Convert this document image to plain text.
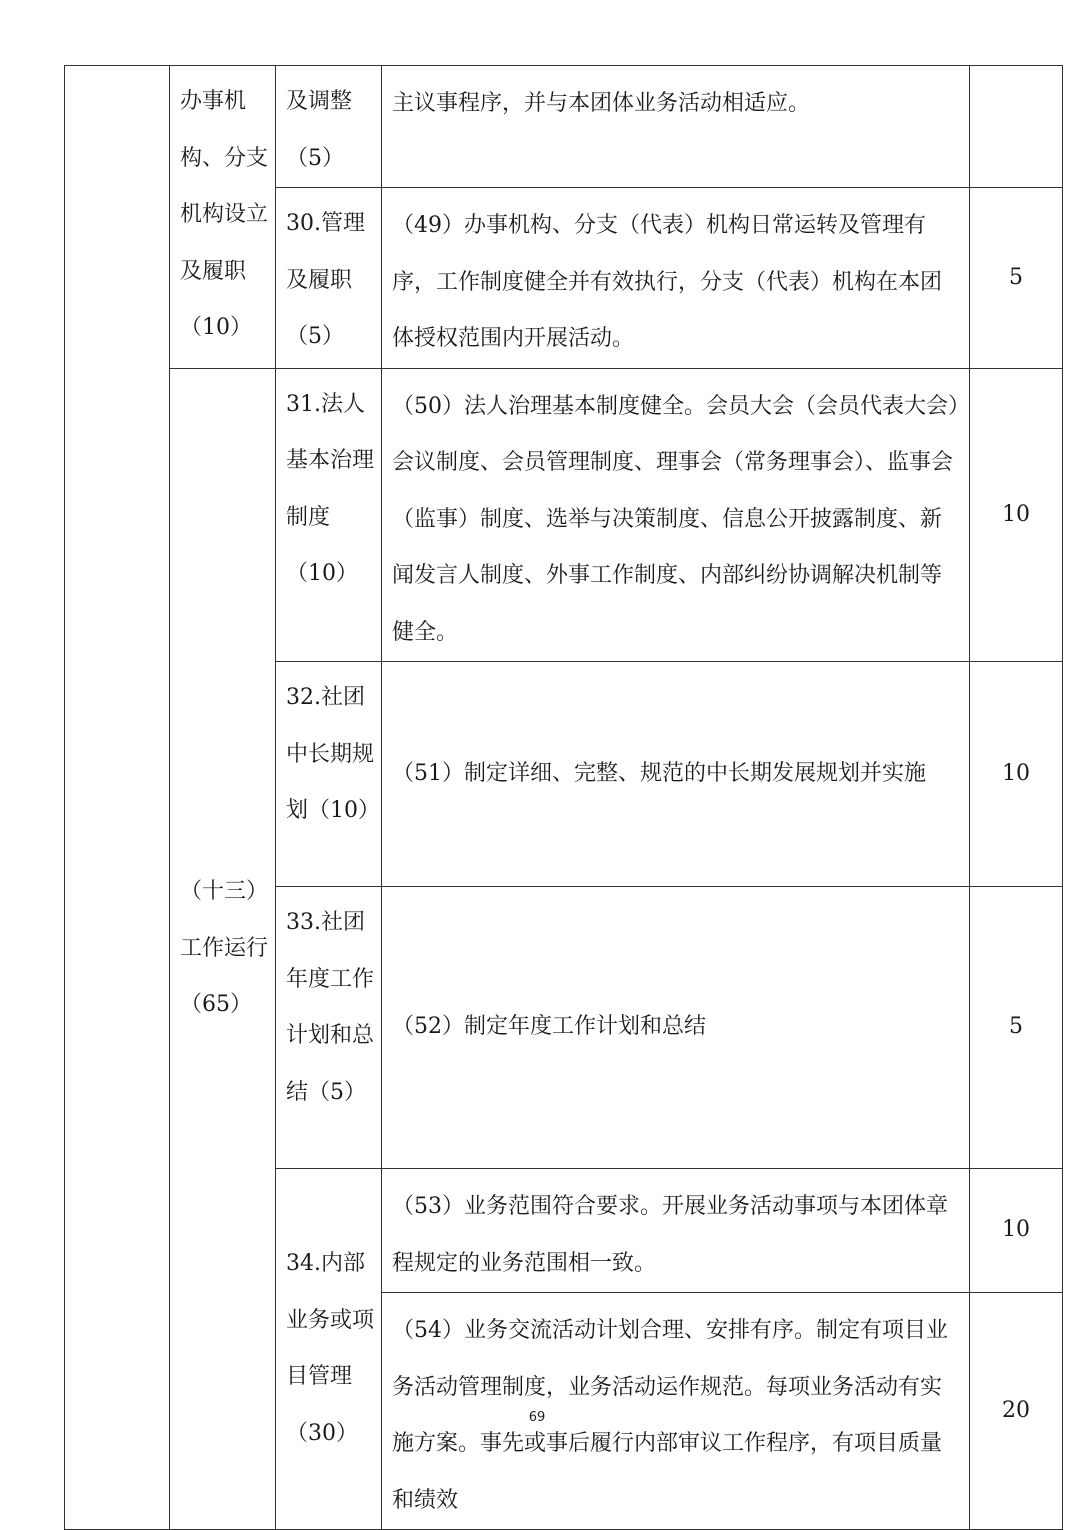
	办事机构、分支机构设立及履职（10）	及调整（5）	主议事程序，并与本团体业务活动相适应。	

		30.管理及履职（5）	（49）办事机构、分支（代表）机构日常运转及管理有序，工作制度健全并有效执行，分支（代表）机构在本团体授权范围内开展活动。	5

	（十三）工作运行（65）	31.法人基本治理制度（10）	（50）法人治理基本制度健全。会员大会（会员代表大会）会议制度、会员管理制度、理事会（常务理事会）、监事会（监事）制度、选举与决策制度、信息公开披露制度、新闻发言人制度、外事工作制度、内部纠纷协调解决机制等健全。	10

		32.社团中长期规划（10）	（51）制定详细、完整、规范的中长期发展规划并实施	10

		33.社团年度工作计划和总结（5）	（52）制定年度工作计划和总结	5

		34.内部业务或项目管理（30）	（53）业务范围符合要求。开展业务活动事项与本团体章程规定的业务范围相一致。	10

			（54）业务交流活动计划合理、安排有序。制定有项目业务活动管理制度，业务活动运作规范。每项业务活动有实施方案。事先或事后履行内部审议工作程序，有项目质量和绩效	20
69
